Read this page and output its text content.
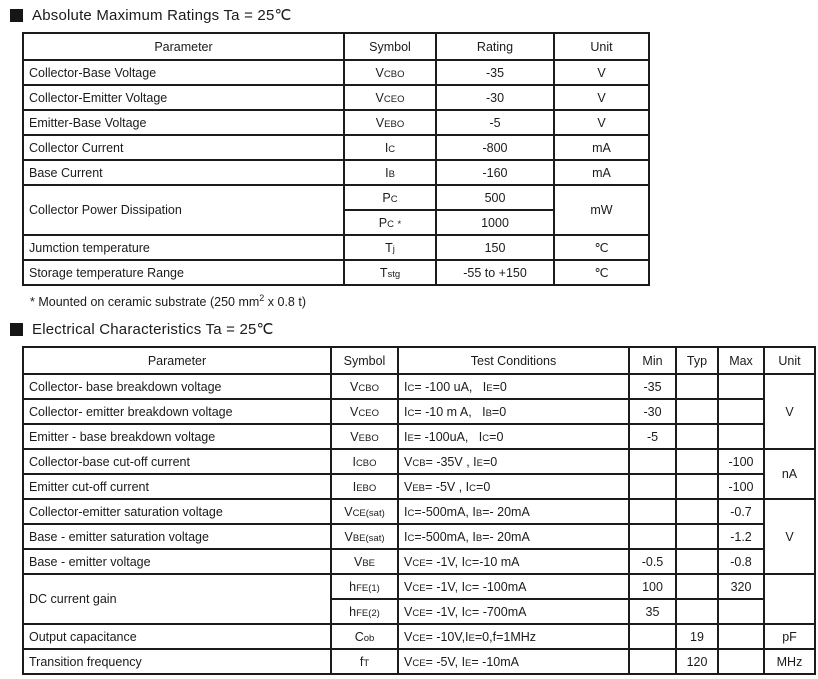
Absolute Maximum Ratings Ta = 25℃
Parameter	Symbol	Rating	Unit
Collector-Base Voltage	VCBO	-35	V
Collector-Emitter Voltage	VCEO	-30	V
Emitter-Base Voltage	VEBO	-5	V
Collector Current	IC	-800	mA
Base Current	IB	-160	mA
Collector Power Dissipation	PC	500	mW
	PC *	1000	
Jumction temperature	Tj	150	℃
Storage temperature Range	Tstg	-55 to +150	℃
* Mounted on ceramic substrate (250 $mm^2$ x 0.8 t)
Electrical Characteristics Ta = 25℃
Parameter	Symbol	Test Conditions	Min	Typ	Max	Unit
Collector- base breakdown voltage	VCBO	IC= -100 uA,   IE=0	-35			V
Collector- emitter breakdown voltage	VCEO	IC= -10 m A,   IB=0	-30			
Emitter - base breakdown voltage	VEBO	IE= -100uA,   IC=0	-5			
Collector-base cut-off current	ICBO	VCB= -35V , IE=0			-100	nA
Emitter cut-off current	IEBO	VEB= -5V , IC=0			-100	
Collector-emitter saturation voltage	VCE(sat)	IC=-500mA, IB=- 20mA			-0.7	V
Base - emitter saturation voltage	VBE(sat)	IC=-500mA, IB=- 20mA			-1.2	
Base - emitter voltage	VBE	VCE= -1V, IC=-10 mA	-0.5		-0.8	
DC current gain	hFE(1)	VCE= -1V, IC= -100mA	100		320	
	hFE(2)	VCE= -1V, IC= -700mA	35			
Output capacitance	Cob	VCE= -10V,IE=0,f=1MHz		19		pF
Transition frequency	fT	VCE= -5V, IE= -10mA		120		MHz
